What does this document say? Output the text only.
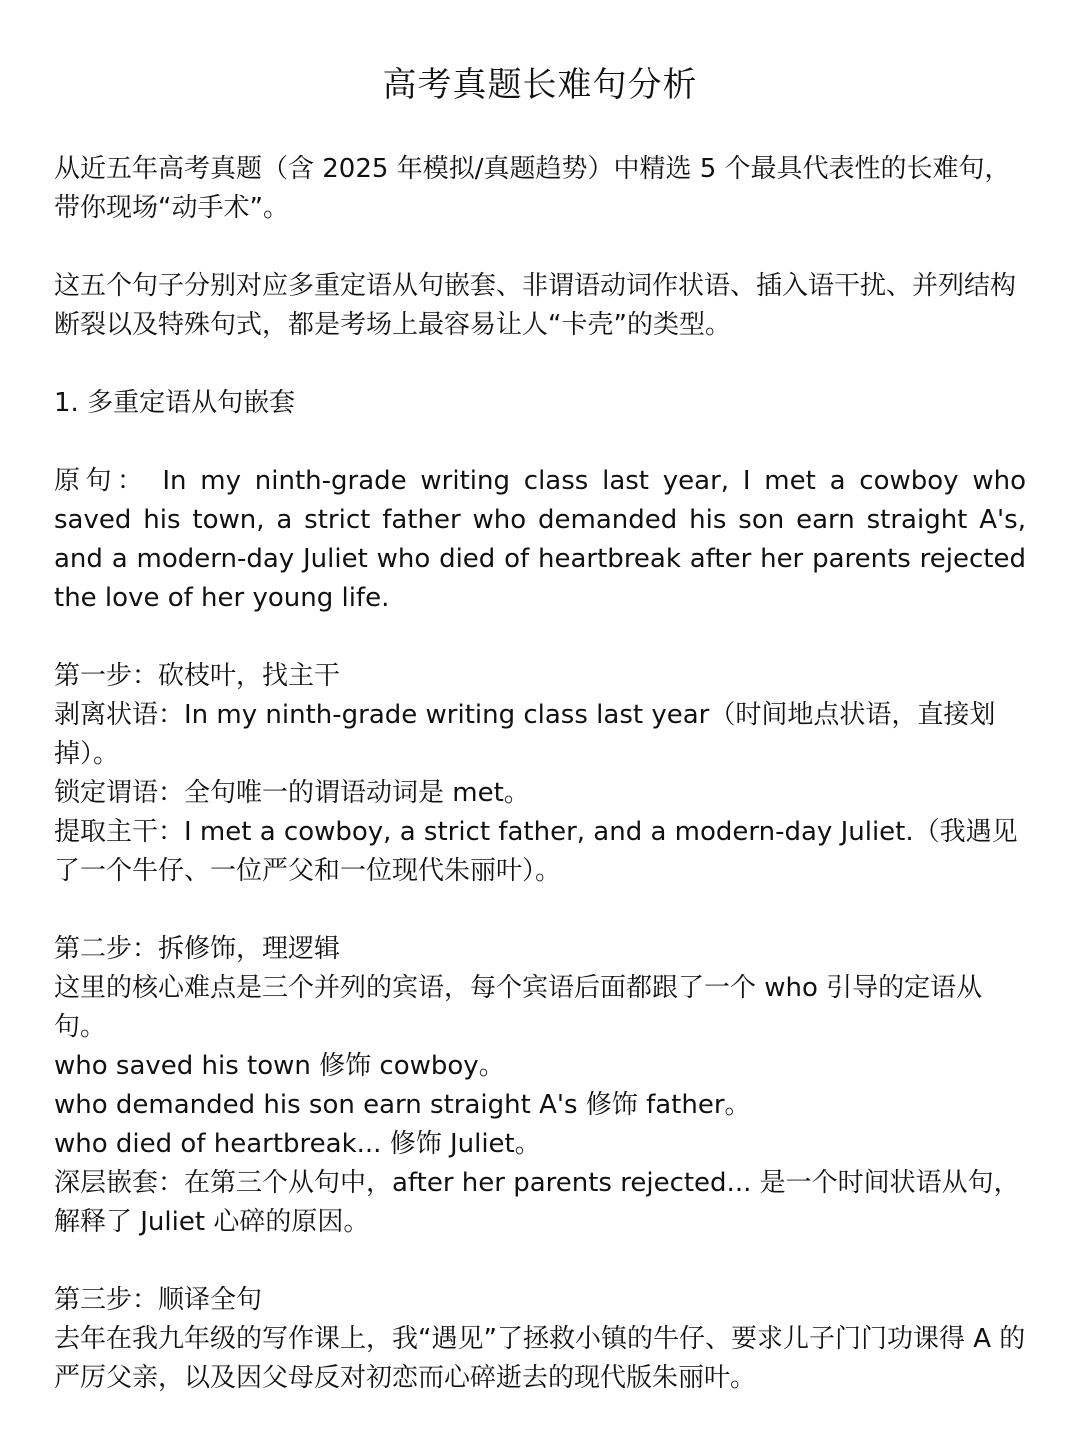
高考真题长难句分析

从近五年高考真题（含 2025 年模拟/真题趋势）中精选 5 个最具代表性的长难句，带你现场“动手术”。

这五个句子分别对应多重定语从句嵌套、非谓语动词作状语、插入语干扰、并列结构断裂以及特殊句式，都是考场上最容易让人“卡壳”的类型。

1. 多重定语从句嵌套

原句： In my ninth-grade writing class last year, I met a cowboy who saved his town, a strict father who demanded his son earn straight A's, and a modern-day Juliet who died of heartbreak after her parents rejected the love of her young life.

第一步：砍枝叶，找主干

剥离状语：In my ninth-grade writing class last year（时间地点状语，直接划掉）。

锁定谓语：全句唯一的谓语动词是 met。

提取主干：I met a cowboy, a strict father, and a modern-day Juliet.（我遇见了一个牛仔、一位严父和一位现代朱丽叶）。

第二步：拆修饰，理逻辑

这里的核心难点是三个并列的宾语，每个宾语后面都跟了一个 who 引导的定语从句。

who saved his town 修饰 cowboy。

who demanded his son earn straight A's 修饰 father。

who died of heartbreak... 修饰 Juliet。

深层嵌套：在第三个从句中，after her parents rejected... 是一个时间状语从句，解释了 Juliet 心碎的原因。

第三步：顺译全句

去年在我九年级的写作课上，我“遇见”了拯救小镇的牛仔、要求儿子门门功课得 A 的严厉父亲，以及因父母反对初恋而心碎逝去的现代版朱丽叶。
